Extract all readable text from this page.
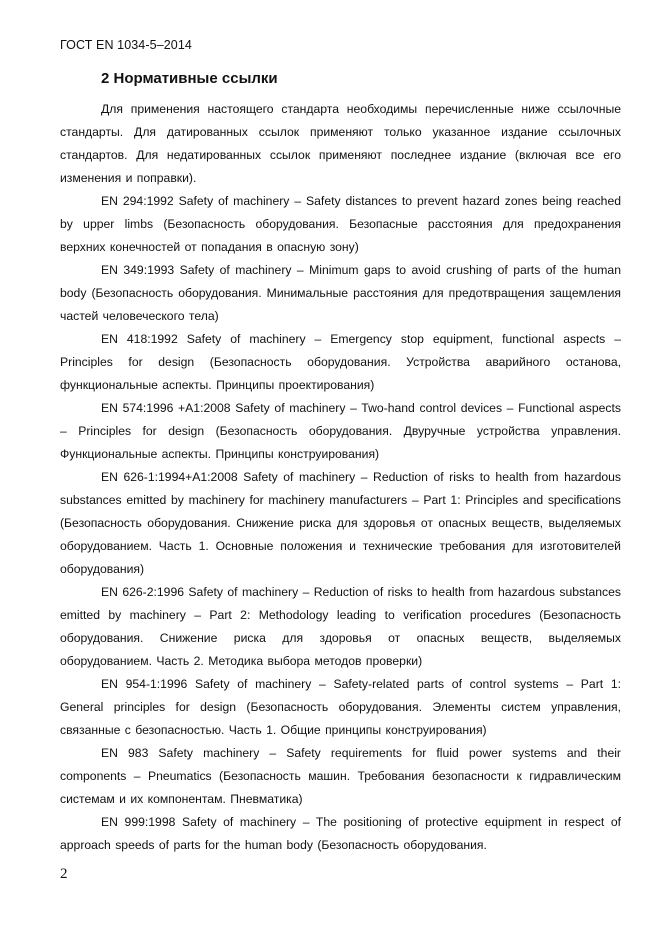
ГОСТ EN 1034-5–2014
2 Нормативные ссылки

Для применения настоящего стандарта необходимы перечисленные ниже ссылочные стандарты. Для датированных ссылок применяют только указанное издание ссылочных стандартов. Для недатированных ссылок применяют последнее издание (включая все его изменения и поправки).

EN 294:1992 Safety of machinery – Safety distances to prevent hazard zones being reached by upper limbs (Безопасность оборудования. Безопасные расстояния для предохранения верхних конечностей от попадания в опасную зону)

EN 349:1993 Safety of machinery – Minimum gaps to avoid crushing of parts of the human body (Безопасность оборудования. Минимальные расстояния для предотвращения защемления частей человеческого тела)

EN 418:1992 Safety of machinery – Emergency stop equipment, functional aspects – Principles for design (Безопасность оборудования. Устройства аварийного останова, функциональные аспекты. Принципы проектирования)

EN 574:1996 +A1:2008 Safety of machinery – Two-hand control devices – Functional aspects – Principles for design (Безопасность оборудования. Двуручные устройства управления. Функциональные аспекты. Принципы конструирования)

EN 626-1:1994+A1:2008 Safety of machinery – Reduction of risks to health from hazardous substances emitted by machinery for machinery manufacturers – Part 1: Principles and specifications (Безопасность оборудования. Снижение риска для здоровья от опасных веществ, выделяемых оборудованием. Часть 1. Основные положения и технические требования для изготовителей оборудования)

EN 626-2:1996 Safety of machinery – Reduction of risks to health from hazardous substances emitted by machinery – Part 2: Methodology leading to verification procedures (Безопасность оборудования. Снижение риска для здоровья от опасных веществ, выделяемых оборудованием. Часть 2. Методика выбора методов проверки)

EN 954-1:1996 Safety of machinery – Safety-related parts of control systems – Part 1: General principles for design (Безопасность оборудования. Элементы систем управления, связанные с безопасностью. Часть 1. Общие принципы конструирования)

EN 983 Safety machinery – Safety requirements for fluid power systems and their components – Pneumatics (Безопасность машин. Требования безопасности к гидравлическим системам и их компонентам. Пневматика)

EN 999:1998 Safety of machinery – The positioning of protective equipment in respect of approach speeds of parts for the human body (Безопасность оборудования.

2
